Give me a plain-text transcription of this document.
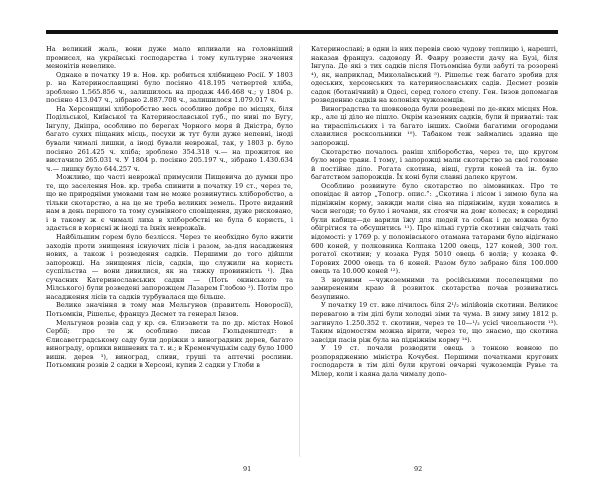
На великий жаль, вони дуже мало впливали на головніший промисел, на українські господарства і тому культурне значення менонітів невелике.

Однаке в початку 19 в. Нов. кр. робиться хлібницею Росії. У 1803 р. на Катеринославщині було посіяно 418.195 четвертей хліба, зроблено 1.565.856 ч., залишилось на продаж 446.468 ч.; у 1804 р. посіяно 413.047 ч., зібрано 2.887.708 ч., залишилося 1.079.017 ч.

На Херсонщині хліборобство весь особливо добре по місцях, біля Подільської, Київської та Катеринославської губ., по ниві по Бугу, Інгулу, Дніпра, особливо по берегах Чорного моря й Дністра, було багато сухих піщаних місць, посухи ж тут були дуже непевні, іноді бували чималі лишки, а іноді бували неврожаї, так, у 1803 р. було посіяно 261.425 ч. хліба; зроблено 354.318 ч.— на прожиток не вистачило 265.031 ч. У 1804 р. посіяно 205.197 ч., зібрано 1.430.634 ч.— лишку було 644.257 ч.

Можливо, що часті неврожаї примусили Пищевича до думки про те, що заселення Нов. кр. треба спинити в початку 19 ст., через те, що не природніми умовами там не може розвинутись хліборобство, а тільки скотарство, а на це не треба великих земель. Проте виданий нам в день першого та тому сумнівного сповіщення, дуже рисковано, і в такому ж є чималі лиха в хліборобстві не була б користь, і здається в корисні ж іноді та їхніх неврожаїв.

Найбільшим горем було безлісся. Через те необхідно було вжити заходів проти знищення існуючих лісів і разом, за-для насадження нових, а також і розведення садків. Першими до того дійшли запорожці. На знищення лісів, садків, що служили на користь суспільства — вони дивилися, як на тяжку провинність ¹). Два сучасних Катеринославських садки — (Поть окинського та Мілського) були розведені запорожцем Лазарем Глобою ²). Потім про насадження лісів та садків турбувалася ще більше.

Велике значіння в тому мав Мельгунов (правитель Новоросії), Потьомкін, Рішельє, француз Десмет та генерал Інзов.

Мельгунов розвів сад у кр. св. Єлизавети та по др. містах Нової Сербії; про те ж особливо писав Гюльденштедт: в Єлисаветградському саду були доріжки з виноградних дерев, багато винограду, орлики вишневих та т. и.; в Кременчуцькім саду було 1000 вишн. дерев ³), виноград, сливи, груші та аптечні рослини. Потьомкин розвів 2 садки в Херсоні, купив 2 садки у Глоби в

Катеринославі; в одни із них перевів свою чудову теплицю і, нарешті, наказав француз. садоводу Й. Фавру розвести дачу на Бузі, біля Інгула. Де які з тих садків після Потьомкіна були забуті та розорені ⁴), як, наприклад, Миколаївський ⁵). Рішельє теж багато зробив для одеських, херсонських та катеринославських садів. Десмет розвів садок (ботанічний) в Одесі, серед голого степу. Ген. Інзов допомагав розведенню садків на колоніях чужоземців.

Виноградства та шовковода були розведені по де-яких місцях Нов. кр., але ці діло не пішло. Окрім казенних садків, були й приватні: так на тираспільських і та багато інших. Своїми багатими огородами славилися росксольники ¹⁰). Табаком теж займались здавна ще запорожці.

Скотарство почалось раніш хліборобства, через те, що кругом було море трави. І тому, і запорожці мали скотарство за свої головне й постійне діло. Рогата скотина, вівці, гурти коней та ін. було багатством запорожців. Їх коні були славні далеко кругом.

Особливо розвинуте було скотарство по зімовниках. Про те оповідає й автор „Топогр. опис.”: „Скотина і лісом і зимою була на підніжнім корму, завжди мали сіна на підніжнім, куди ховались в часи негоди; то було і ночами, як стоячи на довг колесах; в середині були кабиця—де варили їжу для людей та собак і де можна було обігрітися та обсушитись ¹¹). Про кількі гуртів скотини свідчать такі відомості: у 1769 р. у полонівського отамана татарами було відігнано 600 коней, у полковника Колпака 1200 овець, 127 коней, 300 гол. рогатої скотини; у козака Рудя 5010 овець 6 волів; у козака Ф. Горових 2000 овець та 6 коней. Разом було забрано біля 100.000 овець та 10.000 коней ¹²).

З ноувими —чужоземними та російськими поселенцями по замирененим краю й розвиток скотарства почав розвиватись безупинно.

У початку 19 ст. вже лічилось біля 2¹/₂ мілійонів скотини. Великоє перевагою в тім ділі були холодні зіми та чума. В зиму зиму 1812 р. загинуло 1.250.352 т. скотини, через те 10—¹/₂ усієї чисельности ¹³). Таким відомостям можна вірити, через те, що знаємо, що скотина завсіди пасів ріж була на підніжнім корму ¹⁴).

У 19 ст. почали розводити овець з тонкою вовною по розпорядженню міністра Кочубея. Першими початками кругових господарств в тім ділі були кругові овчарні чужоземців Рувье та Мілер, коли і каяна дала чималу допо-

91	92
